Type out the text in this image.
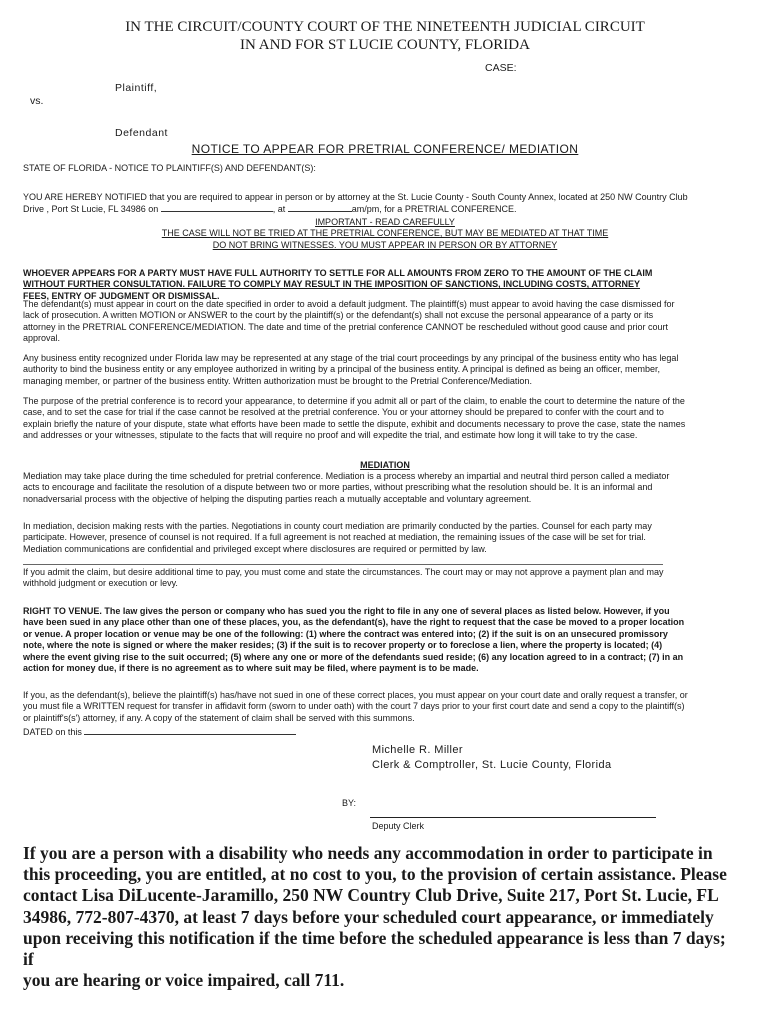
IN THE CIRCUIT/COUNTY COURT OF THE NINETEENTH JUDICIAL CIRCUIT
IN AND FOR ST LUCIE COUNTY, FLORIDA
CASE:
Plaintiff,
vs.
Defendant
NOTICE TO APPEAR FOR PRETRIAL CONFERENCE/ MEDIATION
STATE OF FLORIDA - NOTICE TO PLAINTIFF(S) AND DEFENDANT(S):
YOU ARE HEREBY NOTIFIED that you are required to appear in person or by attorney at the St. Lucie County - South County Annex, located at 250 NW Country Club
Drive , Port St Lucie, FL 34986 on	, at	am/pm, for a PRETRIAL CONFERENCE.
IMPORTANT - READ CAREFULLY
THE CASE WILL NOT BE TRIED AT THE PRETRIAL CONFERENCE, BUT MAY BE MEDIATED AT THAT TIME
DO NOT BRING WITNESSES. YOU MUST APPEAR IN PERSON OR BY ATTORNEY
WHOEVER APPEARS FOR A PARTY MUST HAVE FULL AUTHORITY TO SETTLE FOR ALL AMOUNTS FROM ZERO TO THE AMOUNT OF THE CLAIM
WITHOUT FURTHER CONSULTATION. FAILURE TO COMPLY MAY RESULT IN THE IMPOSITION OF SANCTIONS, INCLUDING COSTS, ATTORNEY
FEES, ENTRY OF JUDGMENT OR DISMISSAL.
The defendant(s) must appear in court on the date specified in order to avoid a default judgment. The plaintiff(s) must appear to avoid having the case dismissed for
lack of prosecution. A written MOTION or ANSWER to the court by the plaintiff(s) or the defendant(s) shall not excuse the personal appearance of a party or its
attorney in the PRETRIAL CONFERENCE/MEDIATION. The date and time of the pretrial conference CANNOT be rescheduled without good cause and prior court
approval.
Any business entity recognized under Florida law may be represented at any stage of the trial court proceedings by any principal of the business entity who has legal
authority to bind the business entity or any employee authorized in writing by a principal of the business entity. A principal is defined as being an officer, member,
managing member, or partner of the business entity. Written authorization must be brought to the Pretrial Conference/Mediation.
The purpose of the pretrial conference is to record your appearance, to determine if you admit all or part of the claim, to enable the court to determine the nature of the
case, and to set the case for trial if the case cannot be resolved at the pretrial conference. You or your attorney should be prepared to confer with the court and to
explain briefly the nature of your dispute, state what efforts have been made to settle the dispute, exhibit and documents necessary to prove the case, state the names
and addresses or your witnesses, stipulate to the facts that will require no proof and will expedite the trial, and estimate how long it will take to try the case.
MEDIATION
Mediation may take place during the time scheduled for pretrial conference. Mediation is a process whereby an impartial and neutral third person called a mediator
acts to encourage and facilitate the resolution of a dispute between two or more parties, without prescribing what the resolution should be. It is an informal and
nonadversarial process with the objective of helping the disputing parties reach a mutually acceptable and voluntary agreement.
In mediation, decision making rests with the parties. Negotiations in county court mediation are primarily conducted by the parties. Counsel for each party may
participate. However, presence of counsel is not required. If a full agreement is not reached at mediation, the remaining issues of the case will be set for trial.
Mediation communications are confidential and privileged except where disclosures are required or permitted by law.
If you admit the claim, but desire additional time to pay, you must come and state the circumstances. The court may or may not approve a payment plan and may
withhold judgment or execution or levy.
RIGHT TO VENUE. The law gives the person or company who has sued you the right to file in any one of several places as listed below. However, if you
have been sued in any place other than one of these places, you, as the defendant(s), have the right to request that the case be moved to a proper location
or venue. A proper location or venue may be one of the following: (1) where the contract was entered into; (2) if the suit is on an unsecured promissory
note, where the note is signed or where the maker resides; (3) if the suit is to recover property or to foreclose a lien, where the property is located; (4)
where the event giving rise to the suit occurred; (5) where any one or more of the defendants sued reside; (6) any location agreed to in a contract; (7) in an
action for money due, if there is no agreement as to where suit may be filed, where payment is to be made.
If you, as the defendant(s), believe the plaintiff(s) has/have not sued in one of these correct places, you must appear on your court date and orally request a transfer, or
you must file a WRITTEN request for transfer in affidavit form (sworn to under oath) with the court 7 days prior to your first court date and send a copy to the plaintiff(s)
or plaintiff's(s') attorney, if any. A copy of the statement of claim shall be served with this summons.
DATED on this
Michelle R. Miller
Clerk & Comptroller, St. Lucie County, Florida
BY:
Deputy Clerk
If you are a person with a disability who needs any accommodation in order to participate in
this proceeding, you are entitled, at no cost to you, to the provision of certain assistance. Please
contact Lisa DiLucente-Jaramillo, 250 NW Country Club Drive, Suite 217, Port St. Lucie, FL
34986, 772-807-4370, at least 7 days before your scheduled court appearance, or immediately
upon receiving this notification if the time before the scheduled appearance is less than 7 days; if
you are hearing or voice impaired, call 711.
